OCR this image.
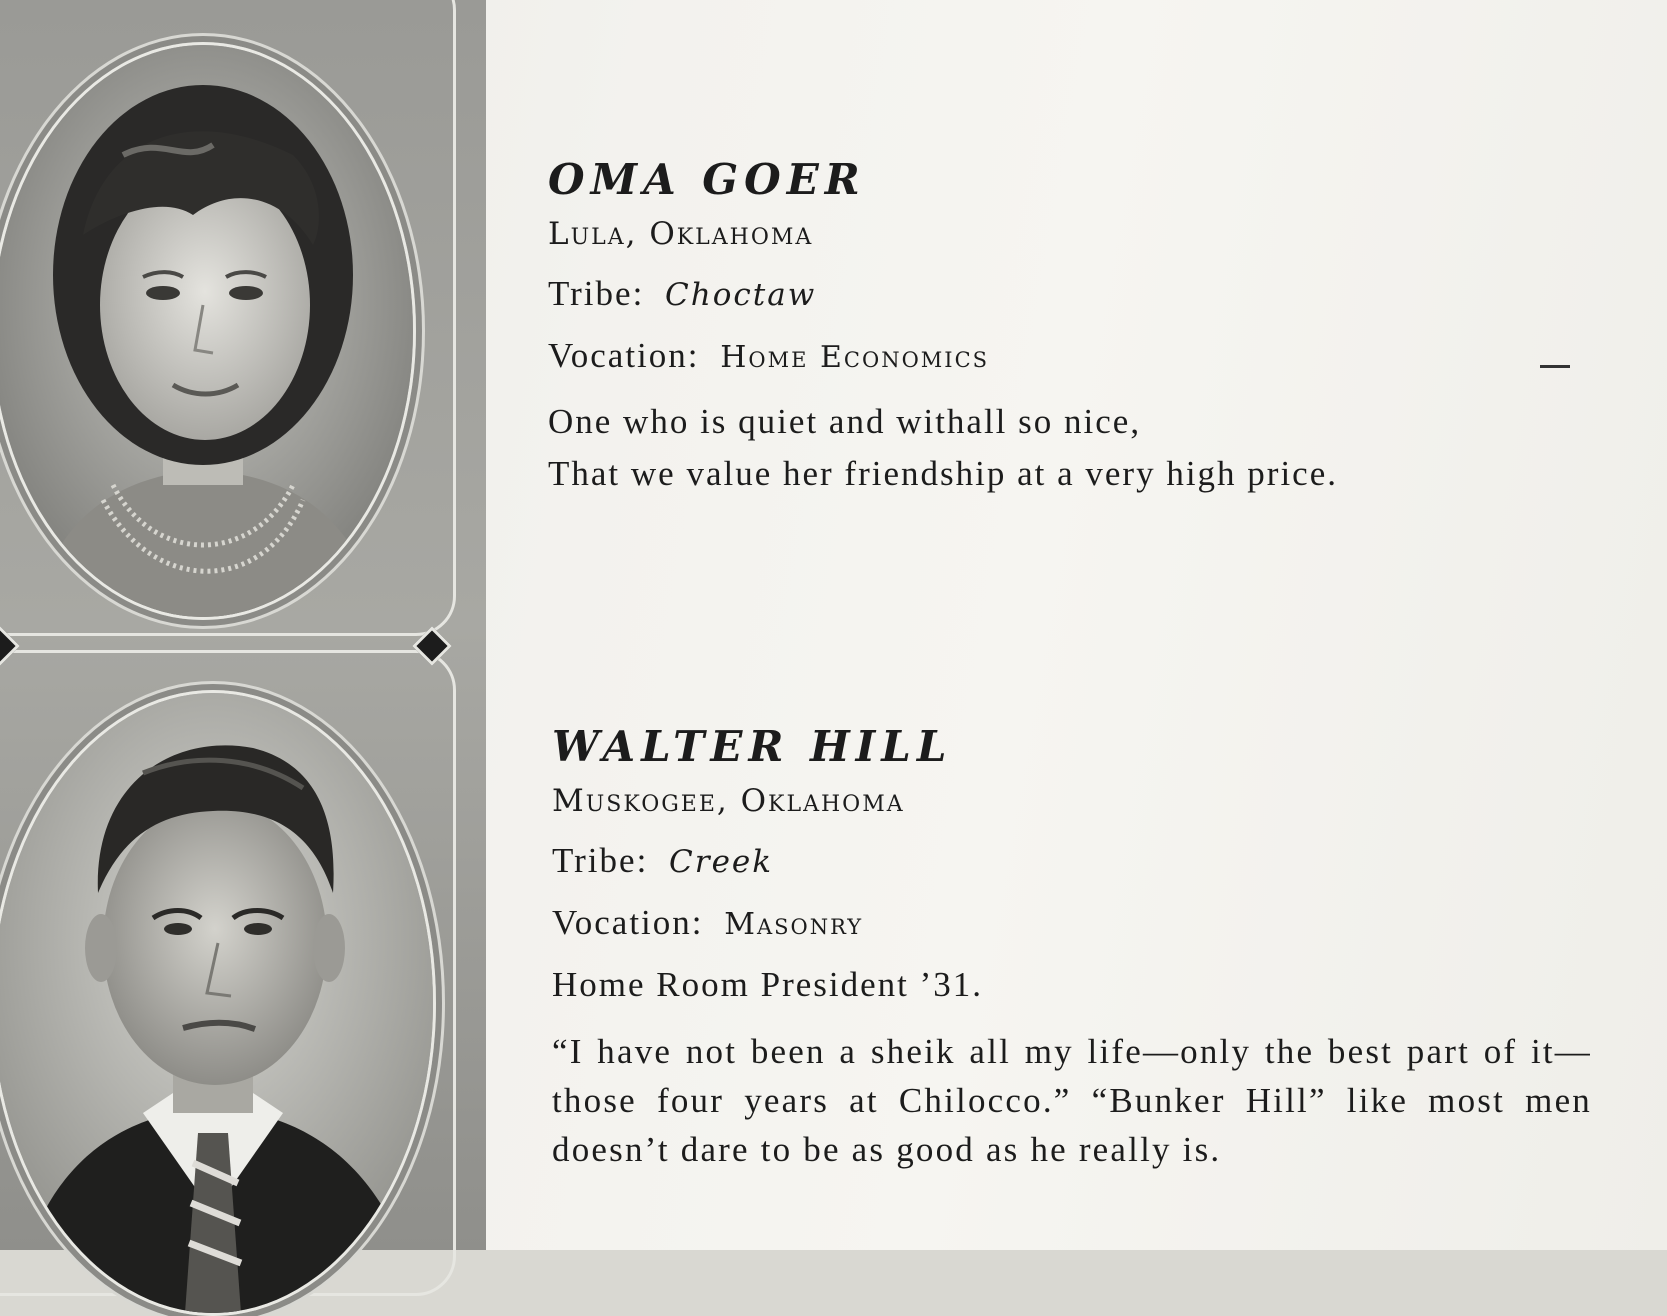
OMA GOER
Lula, Oklahoma
Tribe: Choctaw
Vocation: Home Economics
One who is quiet and withall so nice,
That we value her friendship at a very high price.
WALTER HILL
Muskogee, Oklahoma
Tribe: Creek
Vocation: Masonry
Home Room President ’31.
“I have not been a sheik all my life—only the best part of it—those four years at Chilocco.” “Bunker Hill” like most men doesn’t dare to be as good as he really is.
